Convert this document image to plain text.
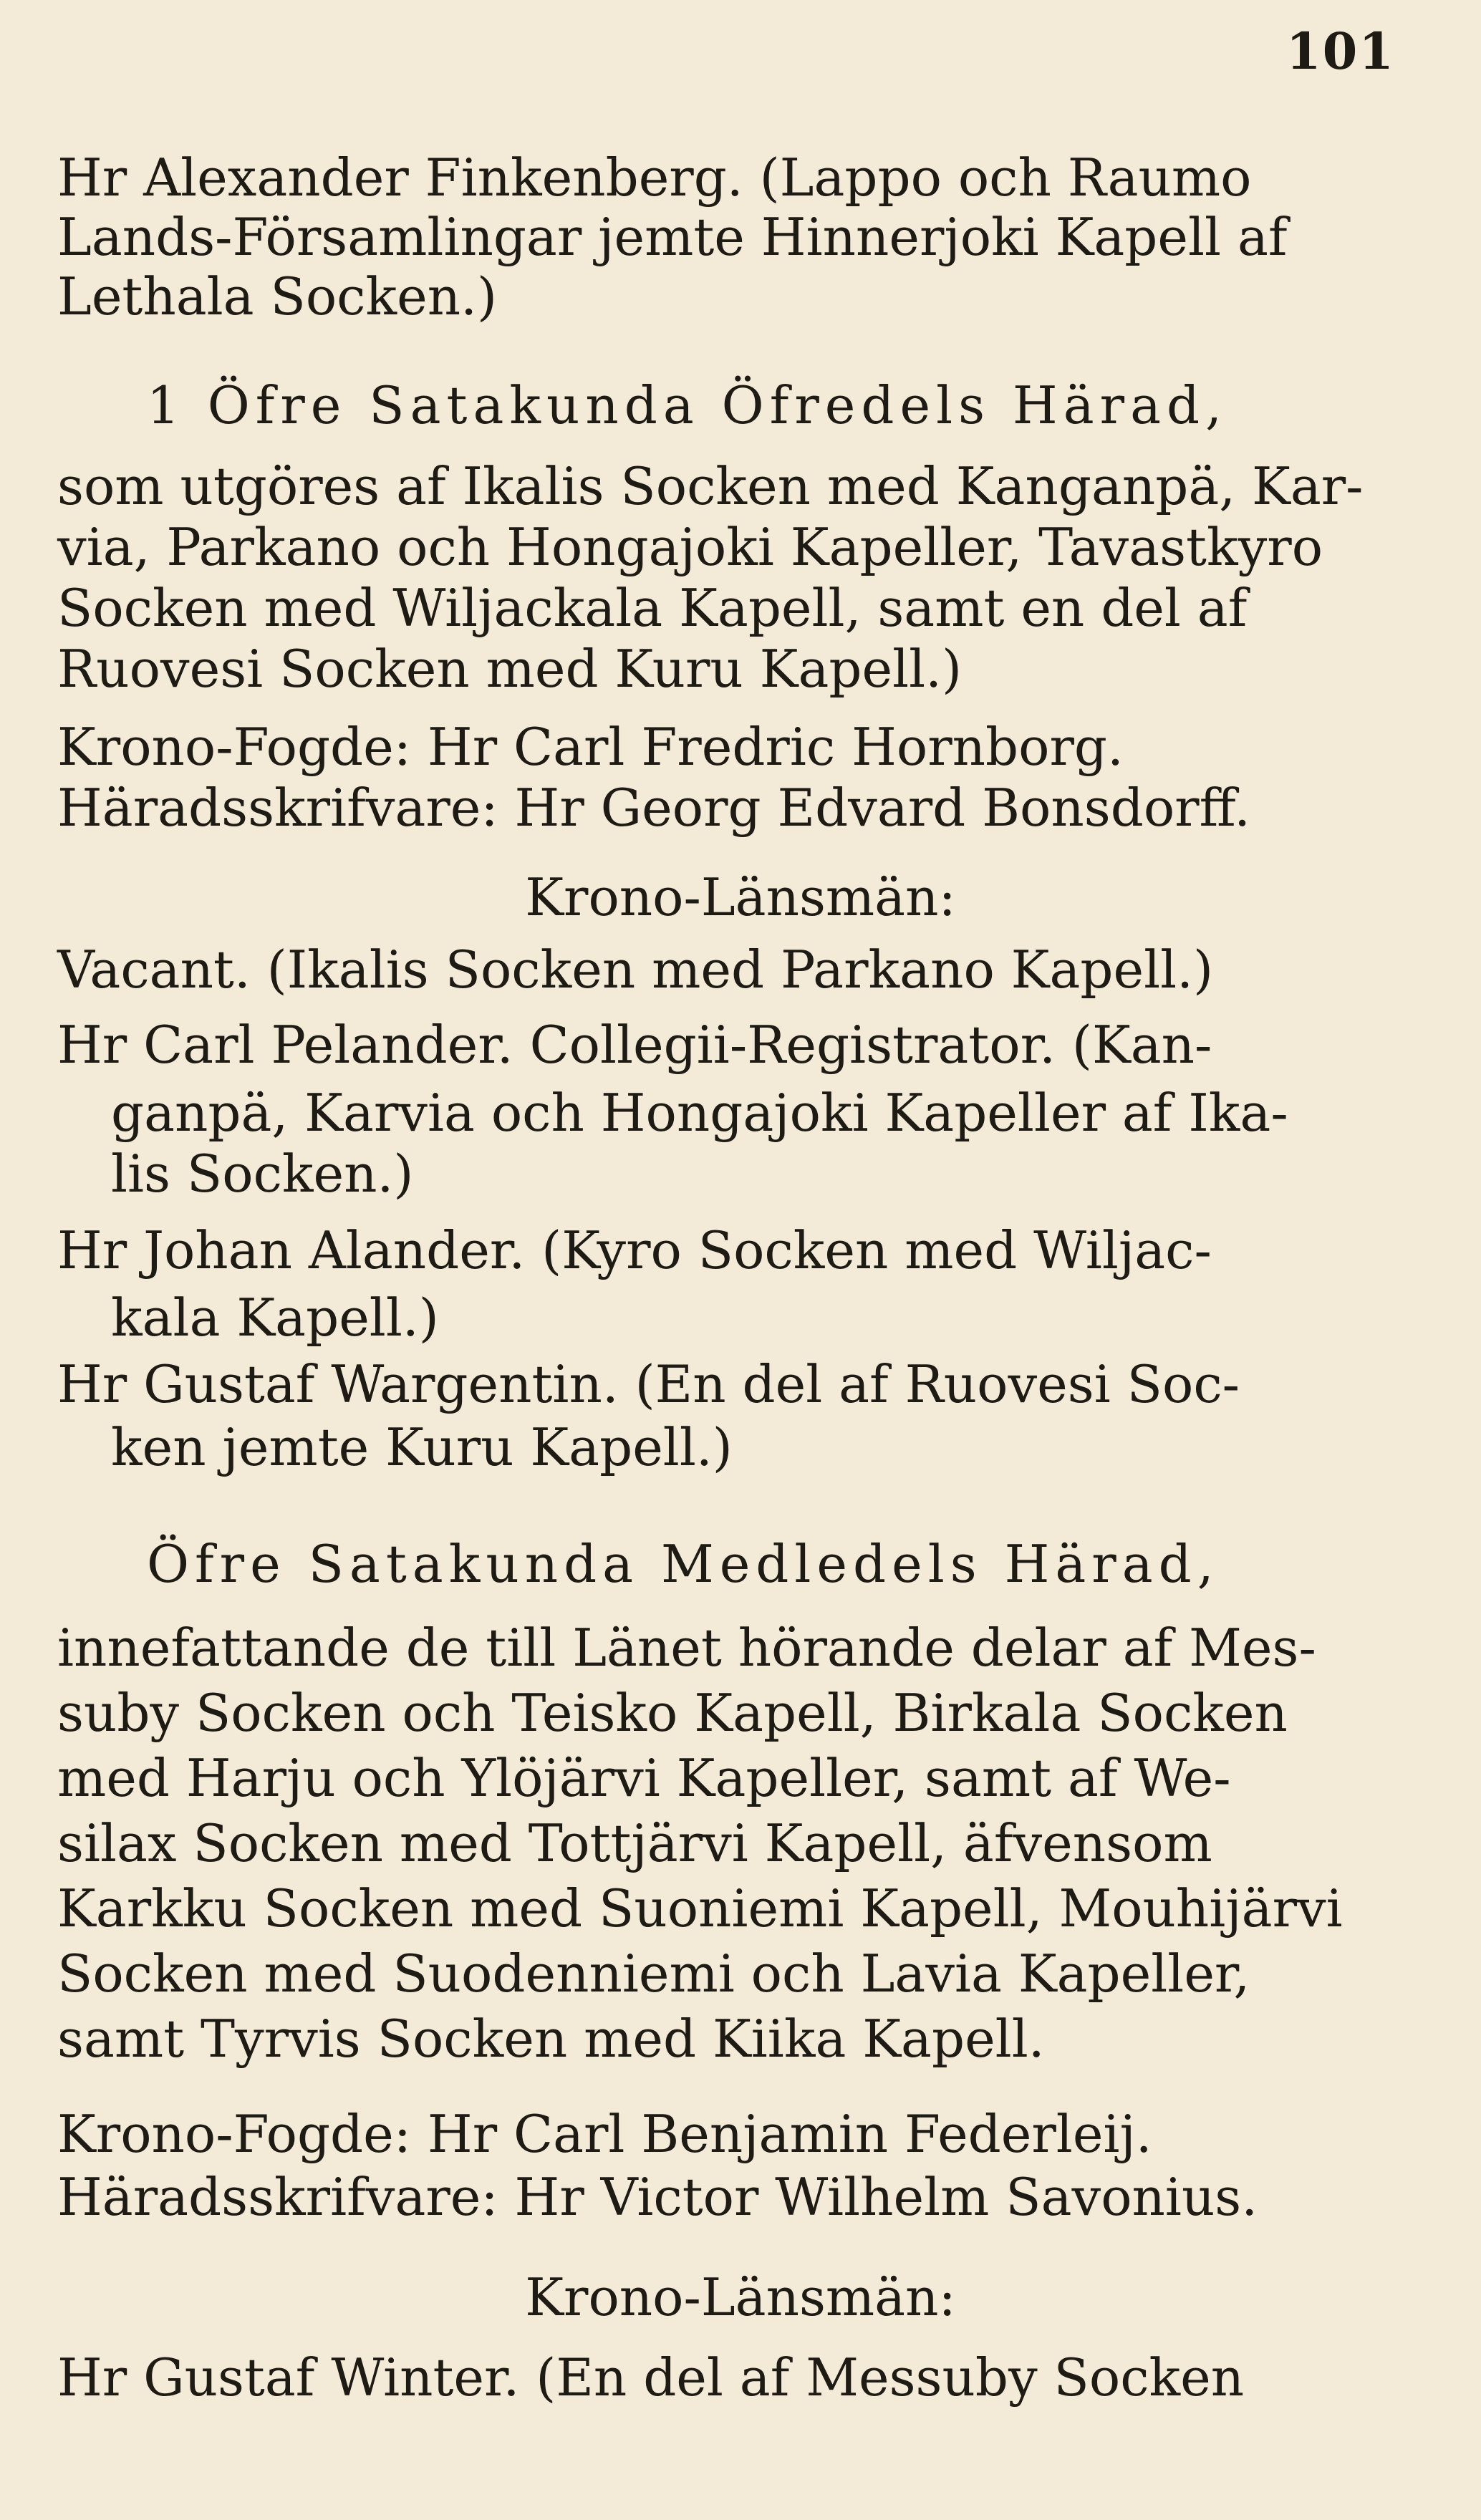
101
Hr Alexander Finkenberg. (Lappo och Raumo
Lands-Församlingar jemte Hinnerjoki Kapell af
Lethala Socken.)
1 Öfre Satakunda Öfredels Härad,
som utgöres af Ikalis Socken med Kanganpä, Kar-
via, Parkano och Hongajoki Kapeller, Tavastkyro
Socken med Wiljackala Kapell, samt en del af
Ruovesi Socken med Kuru Kapell.)
Krono-Fogde: Hr Carl Fredric Hornborg.
Häradsskrifvare: Hr Georg Edvard Bonsdorff.
Krono-Länsmän:
Vacant. (Ikalis Socken med Parkano Kapell.)
Hr Carl Pelander. Collegii-Registrator. (Kan-
ganpä, Karvia och Hongajoki Kapeller af Ika-
lis Socken.)
Hr Johan Alander. (Kyro Socken med Wiljac-
kala Kapell.)
Hr Gustaf Wargentin. (En del af Ruovesi Soc-
ken jemte Kuru Kapell.)
Öfre Satakunda Medledels Härad,
innefattande de till Länet hörande delar af Mes-
suby Socken och Teisko Kapell, Birkala Socken
med Harju och Ylöjärvi Kapeller, samt af We-
silax Socken med Tottjärvi Kapell, äfvensom
Karkku Socken med Suoniemi Kapell, Mouhijärvi
Socken med Suodenniemi och Lavia Kapeller,
samt Tyrvis Socken med Kiika Kapell.
Krono-Fogde: Hr Carl Benjamin Federleij.
Häradsskrifvare: Hr Victor Wilhelm Savonius.
Krono-Länsmän:
Hr Gustaf Winter. (En del af Messuby Socken
